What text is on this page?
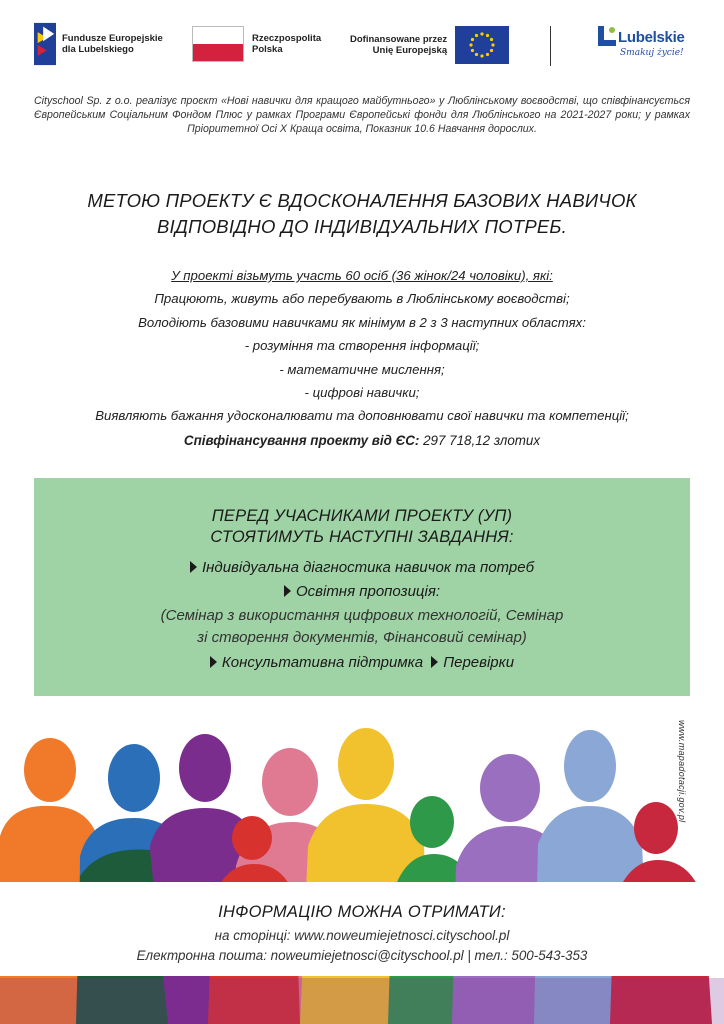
Fundusze Europejskie
dla Lubelskiego
Rzeczpospolita
Polska
Dofinansowane przez
Unię Europejską
Lubelskie
Smakuj życie!
Cityschool Sp. z o.o. реалізує проєкт «Нові навички для кращого майбутнього» у Люблінському воєводстві, що співфінансується Європейським Соціальним Фондом Плюс у рамках Програми Європейські фонди для Люблінського на 2021-2027 роки; у рамках Пріоритетної Осі Х Краща освіта, Показник 10.6 Навчання дорослих.
МЕТОЮ ПРОЕКТУ Є ВДОСКОНАЛЕННЯ БАЗОВИХ НАВИЧОК
ВІДПОВІДНО ДО ІНДИВІДУАЛЬНИХ ПОТРЕБ.
У проекті візьмуть участь 60 осіб (36 жінок/24 чоловіки), які:
Працюють, живуть або перебувають в Люблінському воєводстві;
Володіють базовими навичками як мінімум в 2 з 3 наступних областях:
- розуміння та створення інформації;
- математичне мислення;
- цифрові навички;
Виявляють бажання удосконалювати та доповнювати свої навички та компетенції;
Співфінансування проекту від ЄС: 297 718,12 злотих
ПЕРЕД УЧАСНИКАМИ ПРОЕКТУ (УП)
СТОЯТИМУТЬ НАСТУПНІ ЗАВДАННЯ:
Індивідуальна діагностика навичок та потреб
Освітня пропозиція:
(Семінар з використання цифрових технологій, Семінар
зі створення документів, Фінансовий семінар)
Консультативна підтримка Перевірки
www.mapadotacji.gov.pl
ІНФОРМАЦІЮ МОЖНА ОТРИМАТИ:
на сторінці: www.noweumiejetnosci.cityschool.pl
Електронна пошта: noweumiejetnosci@cityschool.pl | тел.: 500-543-353
